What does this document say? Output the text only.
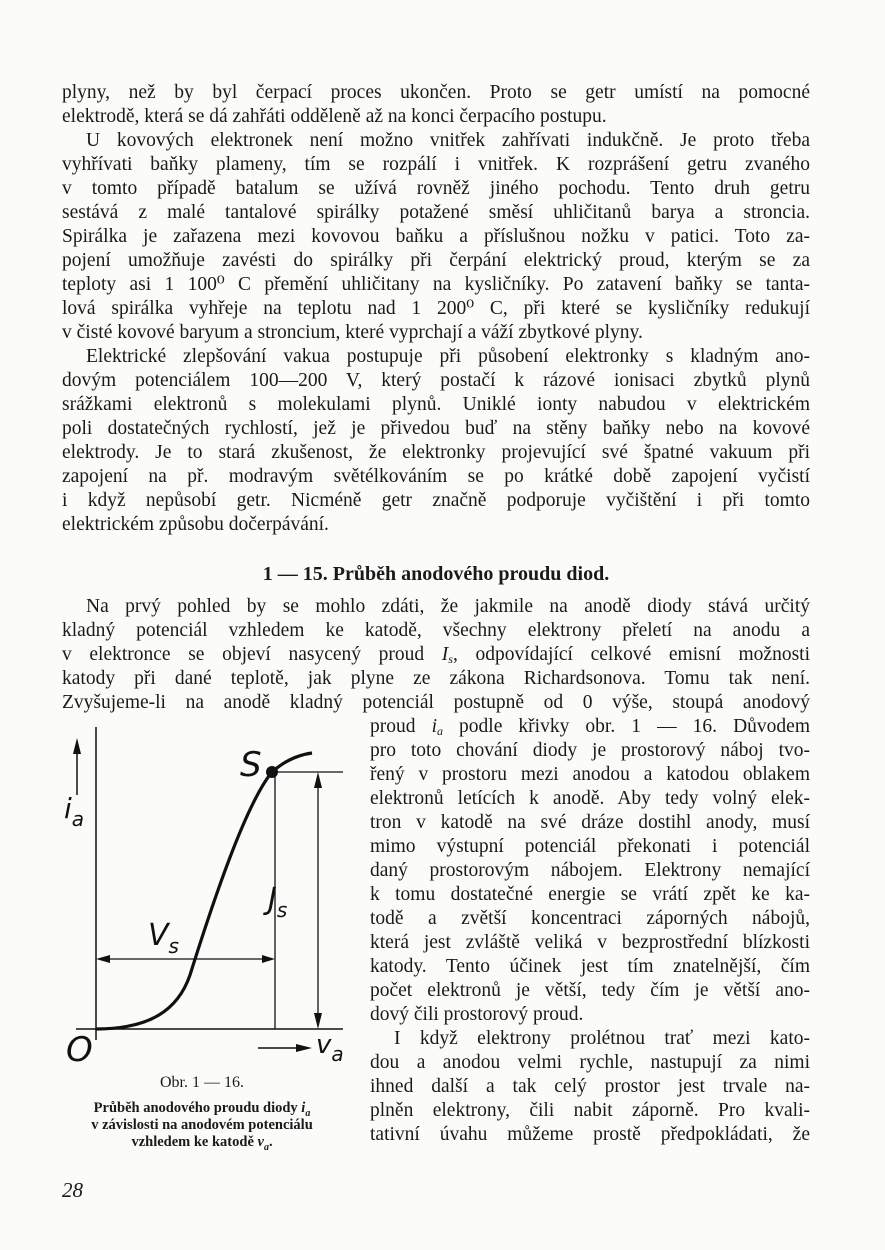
plyny, než by byl čerpací proces ukončen. Proto se getr umístí na pomocné
elektrodě, která se dá zahřáti odděleně až na konci čerpacího postupu.
U kovových elektronek není možno vnitřek zahřívati indukčně. Je proto třeba
vyhřívati baňky plameny, tím se rozpálí i vnitřek. K rozprášení getru zvaného
v tomto případě batalum se užívá rovněž jiného pochodu. Tento druh getru
sestává z malé tantalové spirálky potažené směsí uhličitanů barya a stroncia.
Spirálka je zařazena mezi kovovou baňku a příslušnou nožku v patici. Toto za-
pojení umožňuje zavésti do spirálky při čerpání elektrický proud, kterým se za
teploty asi 1 100⁰ C přemění uhličitany na kysličníky. Po zatavení baňky se tanta-
lová spirálka vyhřeje na teplotu nad 1 200⁰ C, při které se kysličníky redukují
v čisté kovové baryum a stroncium, které vyprchají a váží zbytkové plyny.
Elektrické zlepšování vakua postupuje při působení elektronky s kladným ano-
dovým potenciálem 100—200 V, který postačí k rázové ionisaci zbytků plynů
srážkami elektronů s molekulami plynů. Uniklé ionty nabudou v elektrickém
poli dostatečných rychlostí, jež je přivedou buď na stěny baňky nebo na kovové
elektrody. Je to stará zkušenost, že elektronky projevující své špatné vakuum při
zapojení na př. modravým světélkováním se po krátké době zapojení vyčistí
i když nepůsobí getr. Nicméně getr značně podporuje vyčištění i při tomto
elektrickém způsobu dočerpávání.
Na prvý pohled by se mohlo zdáti, že jakmile na anodě diody stává určitý
kladný potenciál vzhledem ke katodě, všechny elektrony přeletí na anodu a
v elektronce se objeví nasycený proud $I_s$, odpovídající celkové emisní možnosti
katody při dané teplotě, jak plyne ze zákona Richardsonova. Tomu tak není.
Zvyšujeme-li na anodě kladný potenciál postupně od 0 výše, stoupá anodový
proud $i_a$ podle křivky obr. 1 — 16. Důvodem
pro toto chování diody je prostorový náboj tvo-
řený v prostoru mezi anodou a katodou oblakem
elektronů letících k anodě. Aby tedy volný elek-
tron v katodě na své dráze dostihl anody, musí
mimo výstupní potenciál překonati i potenciál
daný prostorovým nábojem. Elektrony nemající
k tomu dostatečné energie se vrátí zpět ke ka-
todě a zvětší koncentraci záporných nábojů,
která jest zvláště veliká v bezprostřední blízkosti
katody. Tento účinek jest tím znatelnější, čím
počet elektronů je větší, tedy čím je větší ano-
dový čili prostorový proud.
I když elektrony prolétnou trať mezi kato-
dou a anodou velmi rychle, nastupují za nimi
ihned další a tak celý prostor jest trvale na-
plněn elektrony, čili nabit záporně. Pro kvali-
tativní úvahu můžeme prostě předpokládati, že
1 — 15. Průběh anodového proudu diod.
$i_a$
S
$J_s$
$V_s$
O	$v_a$
Obr. 1 — 16.
Průběh anodového proudu diody $i_a$
v závislosti na anodovém potenciálu
vzhledem ke katodě $v_a$.
28
